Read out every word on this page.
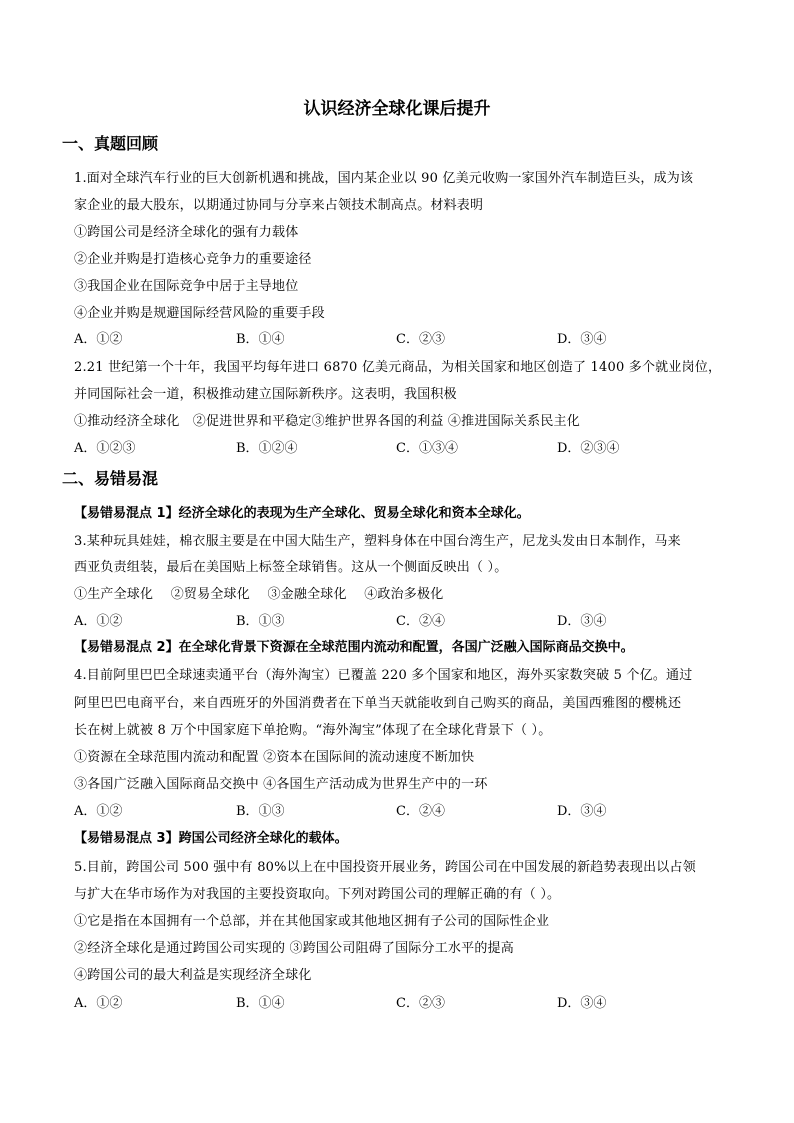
认识经济全球化课后提升
一、真题回顾
1.面对全球汽车行业的巨大创新机遇和挑战，国内某企业以 90 亿美元收购一家国外汽车制造巨头，成为该
家企业的最大股东，以期通过协同与分享来占领技术制高点。材料表明
①跨国公司是经济全球化的强有力载体
②企业并购是打造核心竞争力的重要途径
③我国企业在国际竞争中居于主导地位
④企业并购是规避国际经营风险的重要手段
A．①②	B．①④	C．②③	D．③④
2.21 世纪第一个十年，我国平均每年进口 6870 亿美元商品，为相关国家和地区创造了 1400 多个就业岗位，
并同国际社会一道，积极推动建立国际新秩序。这表明，我国积极
①推动经济全球化　②促进世界和平稳定③维护世界各国的利益 ④推进国际关系民主化
A．①②③	B．①②④	C．①③④	D．②③④
二、易错易混
【易错易混点 1】经济全球化的表现为生产全球化、贸易全球化和资本全球化。
3.某种玩具娃娃，棉衣服主要是在中国大陆生产，塑料身体在中国台湾生产，尼龙头发由日本制作，马来
西亚负责组装，最后在美国贴上标签全球销售。这从一个侧面反映出（ ）。
①生产全球化　 ②贸易全球化　 ③金融全球化　 ④政治多极化
A．①②	B．①③	C．②④	D．③④
【易错易混点 2】在全球化背景下资源在全球范围内流动和配置，各国广泛融入国际商品交换中。
4.目前阿里巴巴全球速卖通平台（海外淘宝）已覆盖 220 多个国家和地区，海外买家数突破 5 个亿。通过
阿里巴巴电商平台，来自西班牙的外国消费者在下单当天就能收到自己购买的商品，美国西雅图的樱桃还
长在树上就被 8 万个中国家庭下单抢购。“海外淘宝”体现了在全球化背景下（ ）。
①资源在全球范围内流动和配置 ②资本在国际间的流动速度不断加快
③各国广泛融入国际商品交换中 ④各国生产活动成为世界生产中的一环
A．①②	B．①③	C．②④	D．③④
【易错易混点 3】跨国公司经济全球化的载体。
5.目前，跨国公司 500 强中有 80%以上在中国投资开展业务，跨国公司在中国发展的新趋势表现出以占领
与扩大在华市场作为对我国的主要投资取向。下列对跨国公司的理解正确的有（ ）。
①它是指在本国拥有一个总部，并在其他国家或其他地区拥有子公司的国际性企业
②经济全球化是通过跨国公司实现的 ③跨国公司阻碍了国际分工水平的提高
④跨国公司的最大利益是实现经济全球化
A．①②	B．①④	C．②③	D．③④
